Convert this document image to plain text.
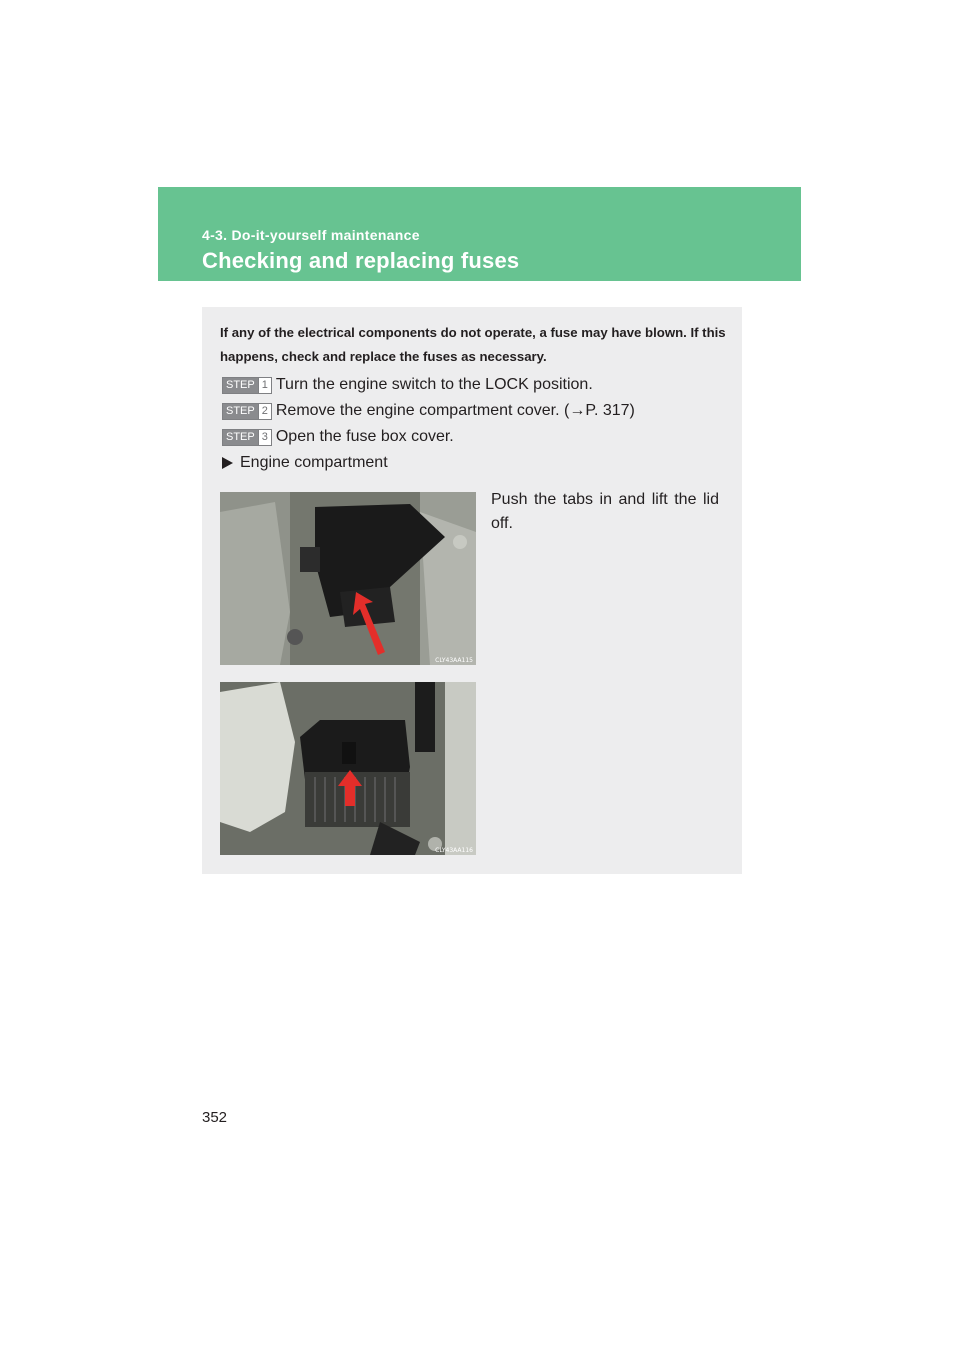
4-3. Do-it-yourself maintenance
Checking and replacing fuses
If any of the electrical components do not operate, a fuse may have blown. If this happens, check and replace the fuses as necessary.
STEP 1 Turn the engine switch to the LOCK position.
STEP 2 Remove the engine compartment cover. (→P. 317)
STEP 3 Open the fuse box cover.
Engine compartment
Push the tabs in and lift the lid off.
CLY43AA115
CLY43AA116
352
